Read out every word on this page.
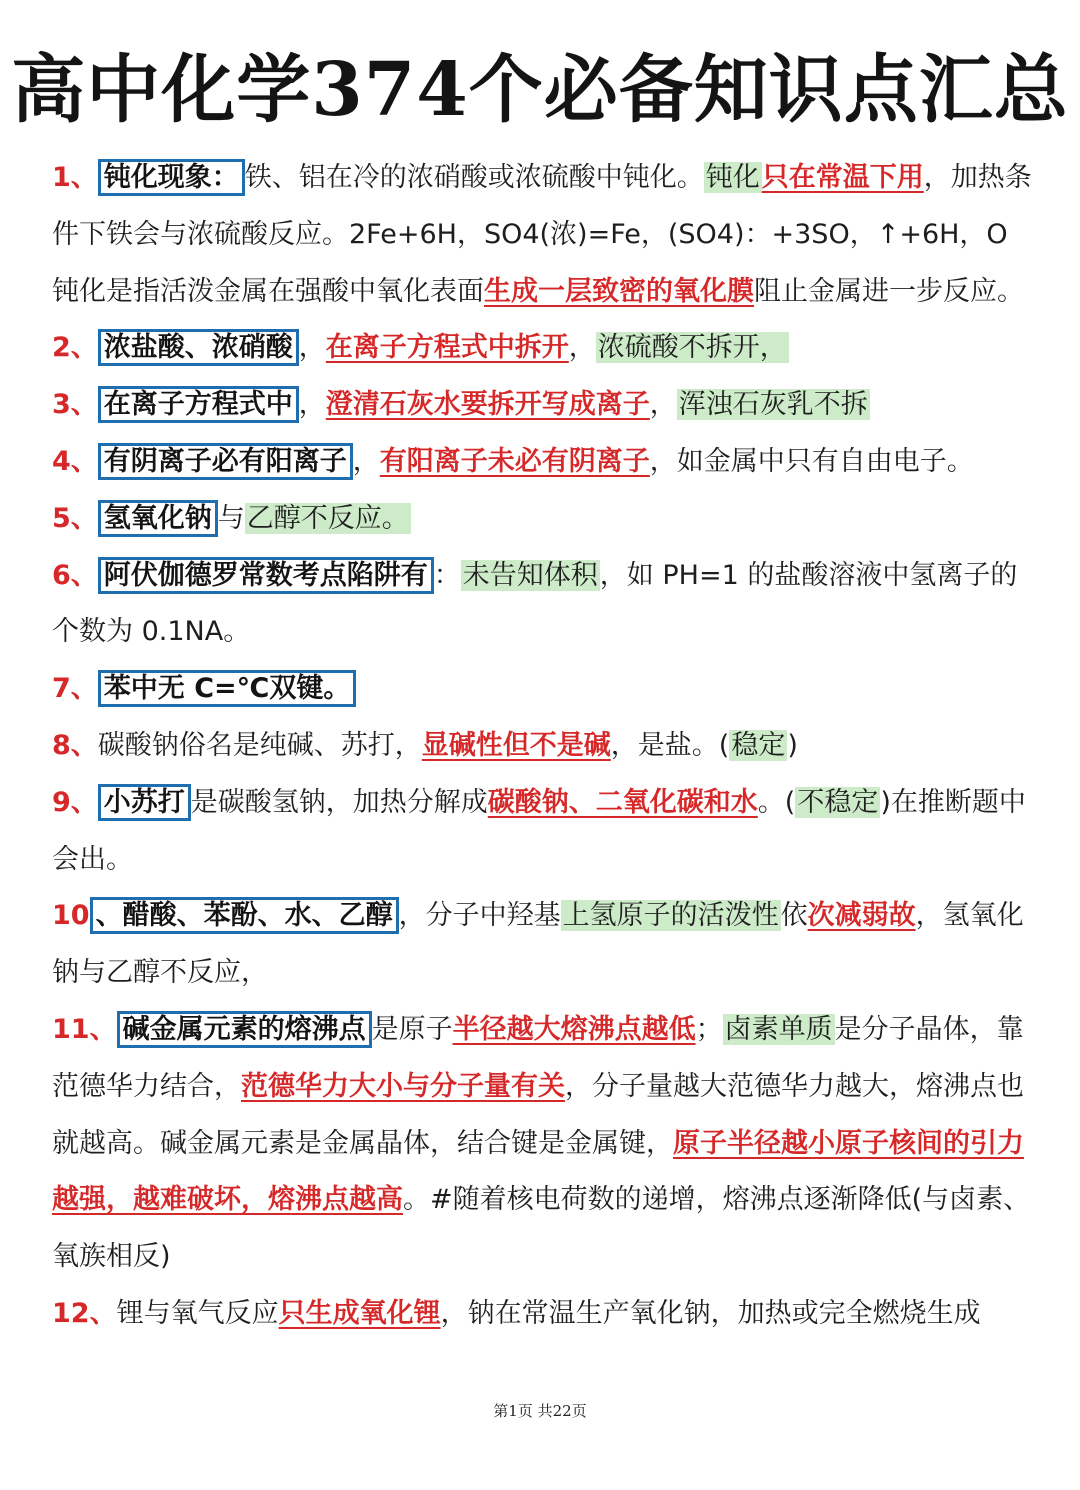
高中化学374个必备知识点汇总

1、 钝化现象： 铁、铝在冷的浓硝酸或浓硫酸中钝化。钝化只在常温下用，加热条件下铁会与浓硫酸反应。2Fe+6H，SO4(浓)=Fe，(SO4)：+3SO，↑+6H，O 钝化是指活泼金属在强酸中氧化表面生成一层致密的氧化膜阻止金属进一步反应。

2、 浓盐酸、浓硝酸 ，在离子方程式中拆开，浓硫酸不拆开，

3、 在离子方程式中 ，澄清石灰水要拆开写成离子，浑浊石灰乳不拆

4、 有阴离子必有阳离子 ，有阳离子未必有阴离子，如金属中只有自由电子。

5、 氢氧化钠 与乙醇不反应。

6、 阿伏伽德罗常数考点陷阱有 ：未告知体积，如 PH=1 的盐酸溶液中氢离子的个数为 0.1NA。

7、 苯中无 C=℃双键。

8、碳酸钠俗名是纯碱、苏打，显碱性但不是碱，是盐。(稳定)

9、 小苏打 是碳酸氢钠，加热分解成碳酸钠、二氧化碳和水。(不稳定)在推断题中会出。

10 、醋酸、苯酚、水、乙醇 ，分子中羟基上氢原子的活泼性依次减弱故，氢氧化钠与乙醇不反应，

11、 碱金属元素的熔沸点 是原子半径越大熔沸点越低；卤素单质是分子晶体，靠范德华力结合，范德华力大小与分子量有关，分子量越大范德华力越大，熔沸点也就越高。碱金属元素是金属晶体，结合键是金属键，原子半径越小原子核间的引力越强，越难破坏，熔沸点越高。#随着核电荷数的递增，熔沸点逐渐降低(与卤素、氧族相反)

12、锂与氧气反应只生成氧化锂，钠在常温生产氧化钠，加热或完全燃烧生成

第1页 共22页
